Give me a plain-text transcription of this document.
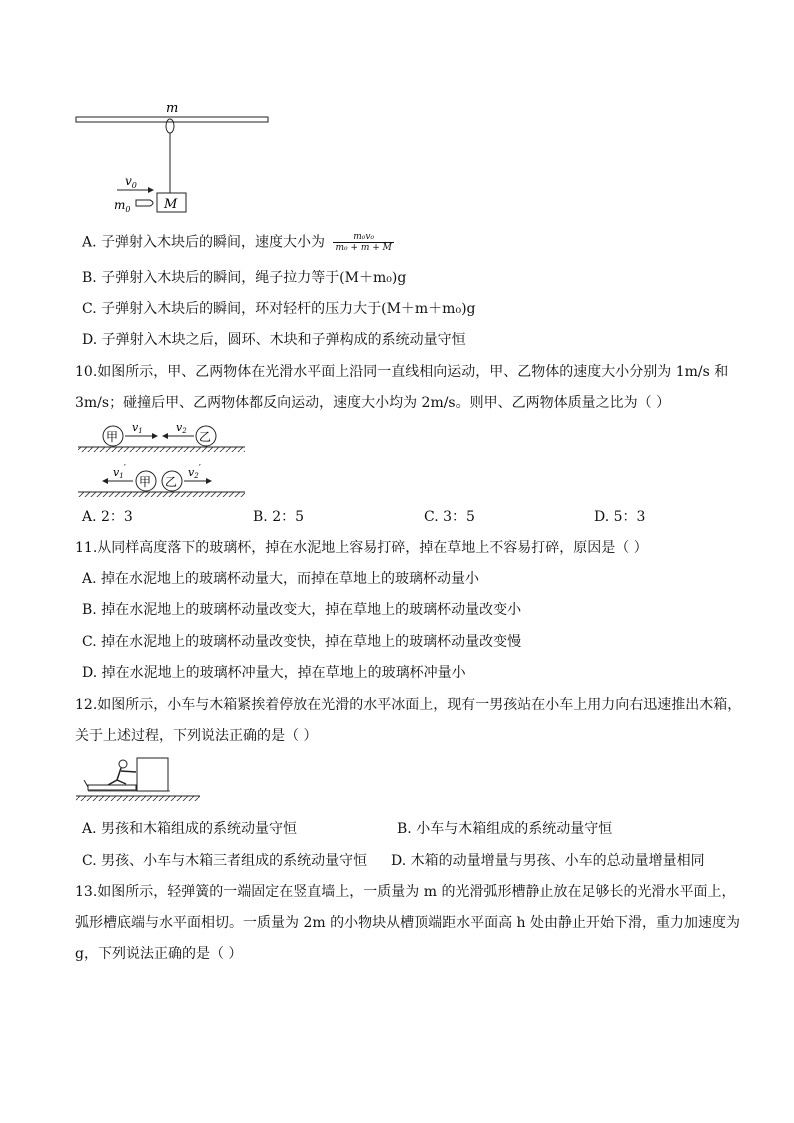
m
M
$v_0$
$m_0$
A. 子弹射入木块后的瞬间，速度大小为 $\frac{\text{m₀v₀}}{\text{m₀ + m + M}}$
B. 子弹射入木块后的瞬间，绳子拉力等于(M＋m₀)g
C. 子弹射入木块后的瞬间，环对轻杆的压力大于(M＋m＋m₀)g
D. 子弹射入木块之后，圆环、木块和子弹构成的系统动量守恒
10.如图所示，甲、乙两物体在光滑水平面上沿同一直线相向运动，甲、乙物体的速度大小分别为 1m/s 和
3m/s；碰撞后甲、乙两物体都反向运动，速度大小均为 2m/s。则甲、乙两物体质量之比为（ ）
甲
v1	v2 乙
v1′
甲 乙
v2′
A. 2：3	B. 2：5	C. 3：5	D. 5：3
11.从同样高度落下的玻璃杯，掉在水泥地上容易打碎，掉在草地上不容易打碎，原因是（ ）
A. 掉在水泥地上的玻璃杯动量大，而掉在草地上的玻璃杯动量小
B. 掉在水泥地上的玻璃杯动量改变大，掉在草地上的玻璃杯动量改变小
C. 掉在水泥地上的玻璃杯动量改变快，掉在草地上的玻璃杯动量改变慢
D. 掉在水泥地上的玻璃杯冲量大，掉在草地上的玻璃杯冲量小
12.如图所示，小车与木箱紧挨着停放在光滑的水平冰面上，现有一男孩站在小车上用力向右迅速推出木箱，
关于上述过程，下列说法正确的是（ ）
A. 男孩和木箱组成的系统动量守恒	B. 小车与木箱组成的系统动量守恒
C. 男孩、小车与木箱三者组成的系统动量守恒 D. 木箱的动量增量与男孩、小车的总动量增量相同
13.如图所示，轻弹簧的一端固定在竖直墙上，一质量为 m 的光滑弧形槽静止放在足够长的光滑水平面上，
弧形槽底端与水平面相切。一质量为 2m 的小物块从槽顶端距水平面高 h 处由静止开始下滑，重力加速度为
g，下列说法正确的是（ ）
